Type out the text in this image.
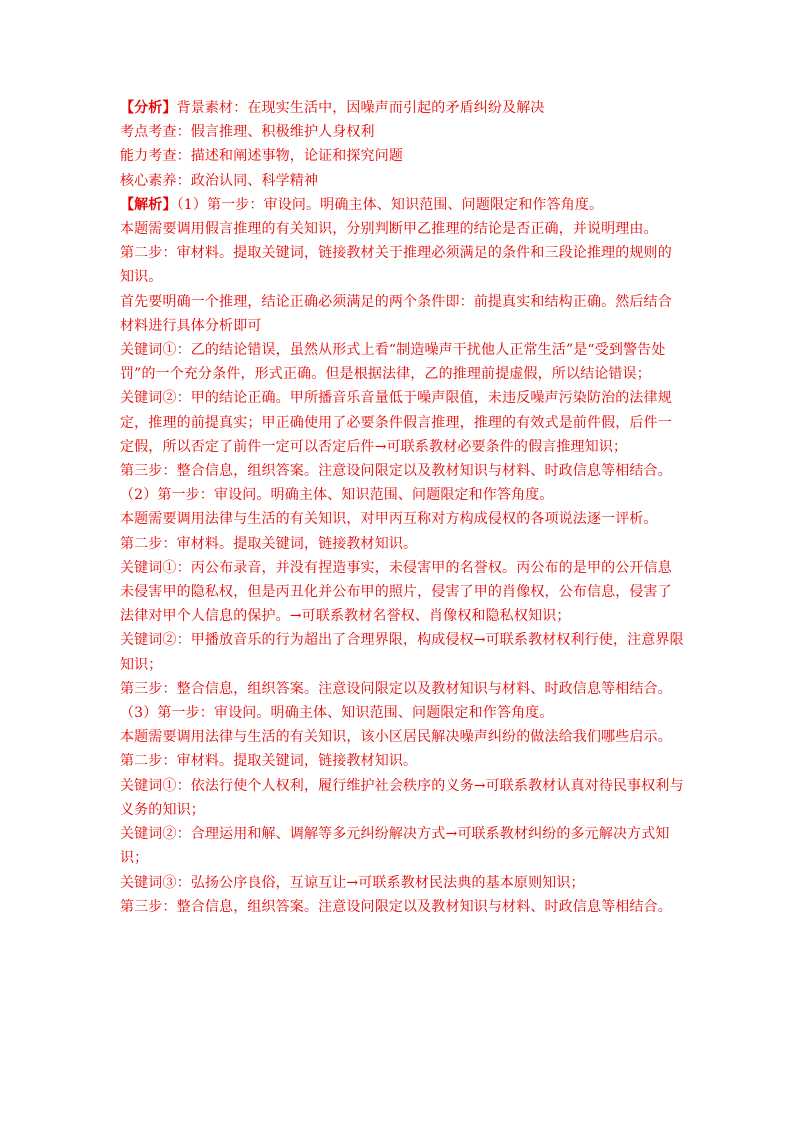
【分析】背景素材：在现实生活中，因噪声而引起的矛盾纠纷及解决

考点考查：假言推理、积极维护人身权利

能力考查：描述和阐述事物，论证和探究问题

核心素养：政治认同、科学精神

【解析】（1）第一步：审设问。明确主体、知识范围、问题限定和作答角度。

本题需要调用假言推理的有关知识，分别判断甲乙推理的结论是否正确，并说明理由。

第二步：审材料。提取关键词，链接教材关于推理必须满足的条件和三段论推理的规则的知识。

首先要明确一个推理，结论正确必须满足的两个条件即：前提真实和结构正确。然后结合材料进行具体分析即可

关键词①：乙的结论错误，虽然从形式上看“制造噪声干扰他人正常生活”是“受到警告处罚”的一个充分条件，形式正确。但是根据法律，乙的推理前提虚假，所以结论错误；

关键词②：甲的结论正确。甲所播音乐音量低于噪声限值，未违反噪声污染防治的法律规定，推理的前提真实；甲正确使用了必要条件假言推理，推理的有效式是前件假，后件一定假，所以否定了前件一定可以否定后件→可联系教材必要条件的假言推理知识；

第三步：整合信息，组织答案。注意设问限定以及教材知识与材料、时政信息等相结合。

（2）第一步：审设问。明确主体、知识范围、问题限定和作答角度。

本题需要调用法律与生活的有关知识，对甲丙互称对方构成侵权的各项说法逐一评析。

第二步：审材料。提取关键词，链接教材知识。

关键词①：丙公布录音，并没有捏造事实，未侵害甲的名誉权。丙公布的是甲的公开信息未侵害甲的隐私权，但是丙丑化并公布甲的照片，侵害了甲的肖像权，公布信息，侵害了法律对甲个人信息的保护。→可联系教材名誉权、肖像权和隐私权知识；

关键词②：甲播放音乐的行为超出了合理界限，构成侵权→可联系教材权利行使，注意界限知识；

第三步：整合信息，组织答案。注意设问限定以及教材知识与材料、时政信息等相结合。

（3）第一步：审设问。明确主体、知识范围、问题限定和作答角度。

本题需要调用法律与生活的有关知识，该小区居民解决噪声纠纷的做法给我们哪些启示。

第二步：审材料。提取关键词，链接教材知识。

关键词①：依法行使个人权利，履行维护社会秩序的义务→可联系教材认真对待民事权利与义务的知识；

关键词②：合理运用和解、调解等多元纠纷解决方式→可联系教材纠纷的多元解决方式知识；

关键词③：弘扬公序良俗，互谅互让→可联系教材民法典的基本原则知识；

第三步：整合信息，组织答案。注意设问限定以及教材知识与材料、时政信息等相结合。
